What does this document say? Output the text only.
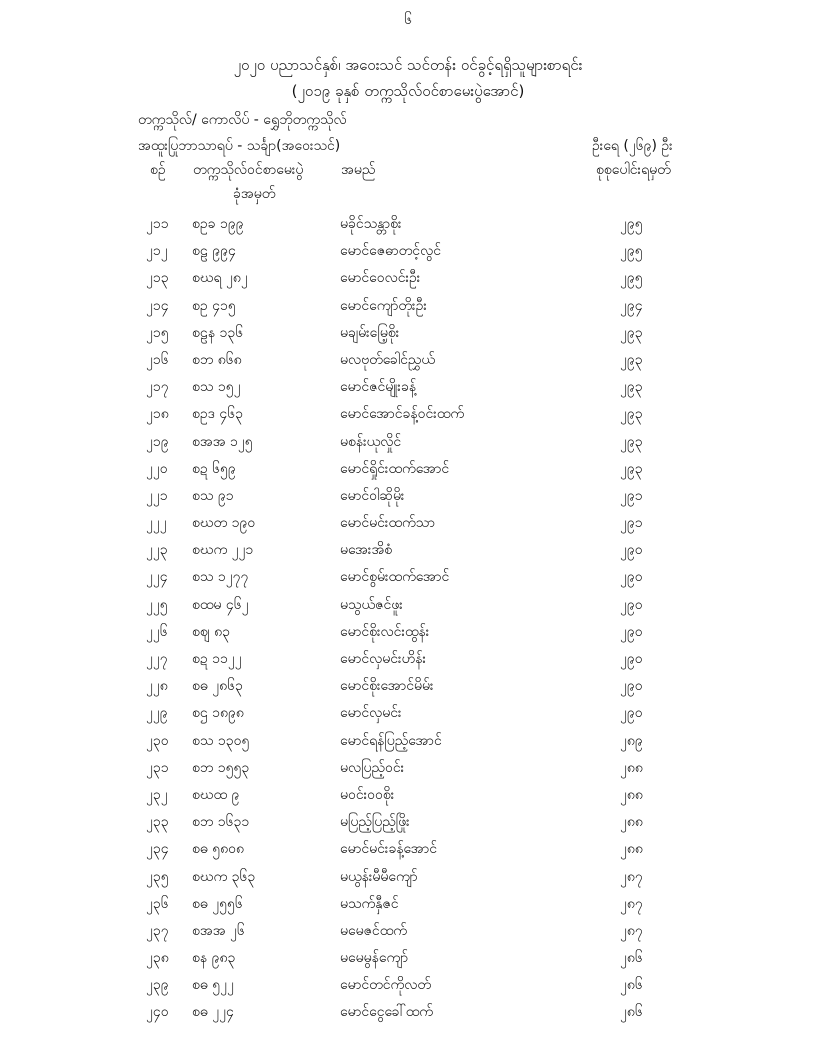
၆
၂၀၂၀ ပညာသင်နှစ်၊ အဝေးသင် သင်တန်း ဝင်ခွင့်ရရှိသူများစာရင်း
(၂၀၁၉ ခုနှစ် တက္ကသိုလ်ဝင်စာမေးပွဲအောင်)
တက္ကသိုလ်/ ကောလိပ် - ရွှေဘိုတက္ကသိုလ်
အထူးပြုဘာသာရပ် - သင်္ချာ(အဝေးသင်)	ဦးရေ (၂၆၉) ဦး
စဉ် တက္ကသိုလ်ဝင်စာမေးပွဲ
ခုံအမှတ်
အမည်	စုစုပေါင်းရမှတ်
၂၁၁	စဥခ ၁၉၉	မခိုင်သန္တာစိုး	၂၉၅
၂၁၂	စဠ ၉၉၄	မောင်ဇေဓာတင့်လွင်	၂၉၅
၂၁၃	စဃရ ၂၈၂	မောင်ဝေလင်းဦး	၂၉၅
၂၁၄	စဥ ၄၁၅	မောင်ကျော်တိုးဦး	၂၉၄
၂၁၅	စဠန ၁၃၆	မချမ်းမြေ့စိုး	၂၉၃
၂၁၆	စဘ ၈၆၈	မလဗုတ်ခေါင်ညွှယ်	၂၉၃
၂၁၇	စသ ၁၅၂	မောင်ဇင်မျိုးခန့်	၂၉၃
၂၁၈	စဥဒ ၄၆၃	မောင်အောင်ခန့်ဝင်းထက်	၂၉၃
၂၁၉	စအအ ၁၂၅	မစန်းယုလှိုင်	၂၉၃
၂၂၀	စဍ ၆၅၉	မောင်ရှိုင်းထက်အောင်	၂၉၃
၂၂၁	စသ ၉၁	မောင်ဝါဆိုမိုး	၂၉၁
၂၂၂	စဃတ ၁၉၀	မောင်မင်းထက်သာ	၂၉၁
၂၂၃	စဃက ၂၂၁	မအေးအိစံ	၂၉၀
၂၂၄	စသ ၁၂၇၇	မောင်စွမ်းထက်အောင်	၂၉၀
၂၂၅	စထမ ၄၆၂	မသွယ်ဇင်ဖူး	၂၉၀
၂၂၆	စဈ ၈၃	မောင်စိုးလင်းထွန်း	၂၉၀
၂၂၇	စဍ ၁၁၂၂	မောင်လှမင်းဟိန်း	၂၉၀
၂၂၈	စဓ ၂၈၆၃	မောင်စိုးအောင်မိမ်း	၂၉၀
၂၂၉	စဌ ၁၈၉၈	မောင်လှမင်း	၂၉၀
၂၃၀	စသ ၁၃၀၅	မောင်ရန်ပြည့်အောင်	၂၈၉
၂၃၁	စဘ ၁၅၅၃	မလပြည့်ဝင်း	၂၈၈
၂၃၂	စဃထ ၉	မဝင်းဝဝစိုး	၂၈၈
၂၃၃	စဘ ၁၆၃၁	မပြည့်ပြည့်ဖြိုး	၂၈၈
၂၃၄	စဓ ၅၈၀၈	မောင်မင်းခန့်အောင်	၂၈၈
၂၃၅	စဃက ၃၆၃	မယွန်းမီမီကျော်	၂၈၇
၂၃၆	စဓ ၂၅၅၆	မသက်နှီဇင်	၂၈၇
၂၃၇	စအအ ၂၆	မမေဇင်ထက်	၂၈၇
၂၃၈	စန ၉၈၃	မမေမွန်ကျော်	၂၈၆
၂၃၉	စဓ ၅၂၂	မောင်တင်ကိုလတ်	၂၈၆
၂၄၀	စဓ ၂၂၄	မောင်ငွေခေါ်ထက်	၂၈၆
